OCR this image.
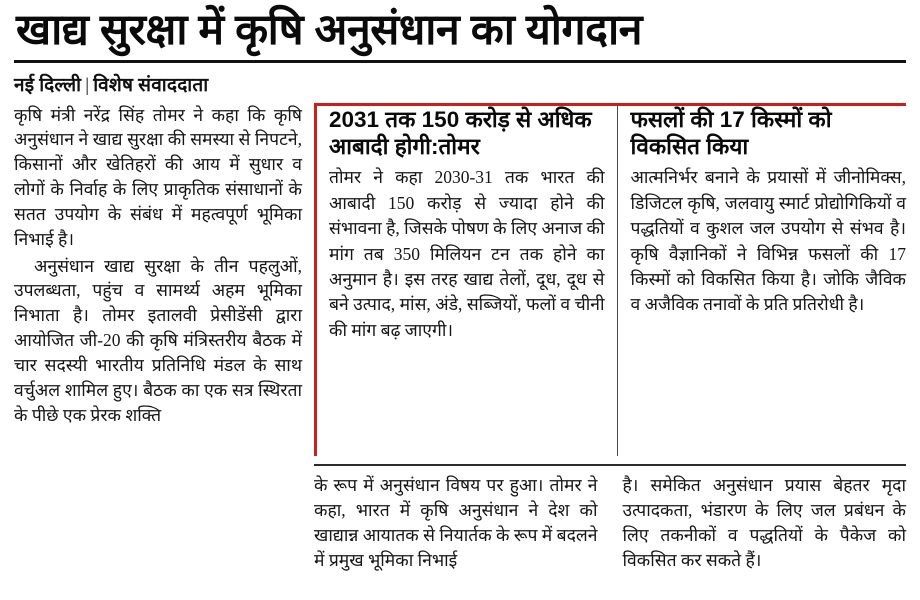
खाद्य सुरक्षा में कृषि अनुसंधान का योगदान
नई दिल्ली | विशेष संवाददाता

कृषि मंत्री नरेंद्र सिंह तोमर ने कहा कि कृषि अनुसंधान ने खाद्य सुरक्षा की समस्या से निपटने, किसानों और खेतिहरों की आय में सुधार व लोगों के निर्वाह के लिए प्राकृतिक संसाधानों के सतत उपयोग के संबंध में महत्वपूर्ण भूमिका निभाई है।

अनुसंधान खाद्य सुरक्षा के तीन पहलुओं, उपलब्धता, पहुंच व सामर्थ्य अहम भूमिका निभाता है। तोमर इतालवी प्रेसीडेंसी द्वारा आयोजित जी-20 की कृषि मंत्रिस्तरीय बैठक में चार सदस्यी भारतीय प्रतिनिधि मंडल के साथ वर्चुअल शामिल हुए। बैठक का एक सत्र स्थिरता के पीछे एक प्रेरक शक्ति

2031 तक 150 करोड़ से अधिक आबादी होगी:तोमर
तोमर ने कहा 2030-31 तक भारत की आबादी 150 करोड़ से ज्यादा होने की संभावना है, जिसके पोषण के लिए अनाज की मांग तब 350 मिलियन टन तक होने का अनुमान है। इस तरह खाद्य तेलों, दूध, दूध से बने उत्पाद, मांस, अंडे, सब्जियों, फलों व चीनी की मांग बढ़ जाएगी।
फसलों की 17 किस्मों को विकसित किया
आत्मनिर्भर बनाने के प्रयासों में जीनोमिक्स, डिजिटल कृषि, जलवायु स्मार्ट प्रोद्योगिकियों व पद्धतियों व कुशल जल उपयोग से संभव है। कृषि वैज्ञानिकों ने विभिन्न फसलों की 17 किस्मों को विकसित किया है। जोकि जैविक व अजैविक तनावों के प्रति प्रतिरोधी है।
के रूप में अनुसंधान विषय पर हुआ। तोमर ने कहा, भारत में कृषि अनुसंधान ने देश को खाद्यान्न आयातक से नियार्तक के रूप में बदलने में प्रमुख भूमिका निभाई
है। समेकित अनुसंधान प्रयास बेहतर मृदा उत्पादकता, भंडारण के लिए जल प्रबंधन के लिए तकनीकों व पद्धतियों के पैकेज को विकसित कर सकते हैं।
